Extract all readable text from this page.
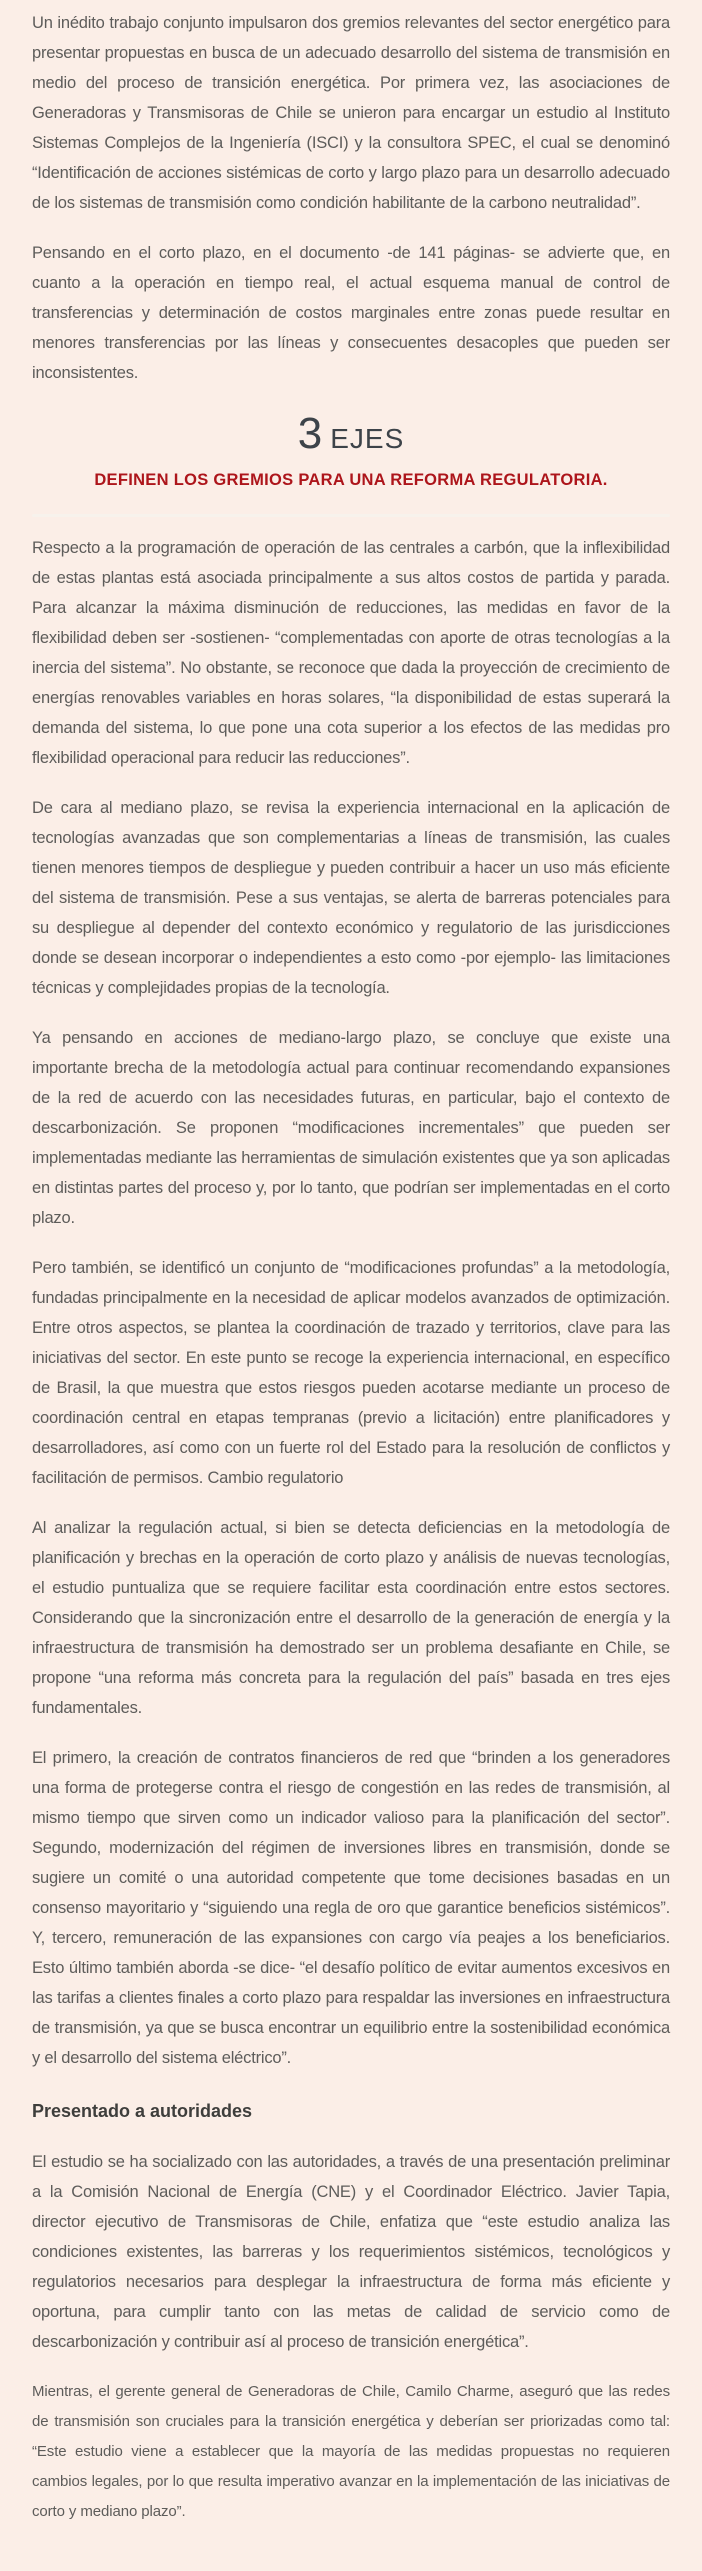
Un inédito trabajo conjunto impulsaron dos gremios relevantes del sector energético para presentar propuestas en busca de un adecuado desarrollo del sistema de transmisión en medio del proceso de transición energética. Por primera vez, las asociaciones de Generadoras y Transmisoras de Chile se unieron para encargar un estudio al Instituto Sistemas Complejos de la Ingeniería (ISCI) y la consultora SPEC, el cual se denominó “Identificación de acciones sistémicas de corto y largo plazo para un desarrollo adecuado de los sistemas de transmisión como condición habilitante de la carbono neutralidad”.

Pensando en el corto plazo, en el documento -de 141 páginas- se advierte que, en cuanto a la operación en tiempo real, el actual esquema manual de control de transferencias y determinación de costos marginales entre zonas puede resultar en menores transferencias por las líneas y consecuentes desacoples que pueden ser inconsistentes.

3 EJES
DEFINEN LOS GREMIOS PARA UNA REFORMA REGULATORIA.

Respecto a la programación de operación de las centrales a carbón, que la inflexibilidad de estas plantas está asociada principalmente a sus altos costos de partida y parada. Para alcanzar la máxima disminución de reducciones, las medidas en favor de la flexibilidad deben ser -sostienen- “complementadas con aporte de otras tecnologías a la inercia del sistema”. No obstante, se reconoce que dada la proyección de crecimiento de energías renovables variables en horas solares, “la disponibilidad de estas superará la demanda del sistema, lo que pone una cota superior a los efectos de las medidas pro flexibilidad operacional para reducir las reducciones”.

De cara al mediano plazo, se revisa la experiencia internacional en la aplicación de tecnologías avanzadas que son complementarias a líneas de transmisión, las cuales tienen menores tiempos de despliegue y pueden contribuir a hacer un uso más eficiente del sistema de transmisión. Pese a sus ventajas, se alerta de barreras potenciales para su despliegue al depender del contexto económico y regulatorio de las jurisdicciones donde se desean incorporar o independientes a esto como -por ejemplo- las limitaciones técnicas y complejidades propias de la tecnología.

Ya pensando en acciones de mediano-largo plazo, se concluye que existe una importante brecha de la metodología actual para continuar recomendando expansiones de la red de acuerdo con las necesidades futuras, en particular, bajo el contexto de descarbonización. Se proponen “modificaciones incrementales” que pueden ser implementadas mediante las herramientas de simulación existentes que ya son aplicadas en distintas partes del proceso y, por lo tanto, que podrían ser implementadas en el corto plazo.

Pero también, se identificó un conjunto de “modificaciones profundas” a la metodología, fundadas principalmente en la necesidad de aplicar modelos avanzados de optimización. Entre otros aspectos, se plantea la coordinación de trazado y territorios, clave para las iniciativas del sector. En este punto se recoge la experiencia internacional, en específico de Brasil, la que muestra que estos riesgos pueden acotarse mediante un proceso de coordinación central en etapas tempranas (previo a licitación) entre planificadores y desarrolladores, así como con un fuerte rol del Estado para la resolución de conflictos y facilitación de permisos. Cambio regulatorio

Al analizar la regulación actual, si bien se detecta deficiencias en la metodología de planificación y brechas en la operación de corto plazo y análisis de nuevas tecnologías, el estudio puntualiza que se requiere facilitar esta coordinación entre estos sectores. Considerando que la sincronización entre el desarrollo de la generación de energía y la infraestructura de transmisión ha demostrado ser un problema desafiante en Chile, se propone “una reforma más concreta para la regulación del país” basada en tres ejes fundamentales.

El primero, la creación de contratos financieros de red que “brinden a los generadores una forma de protegerse contra el riesgo de congestión en las redes de transmisión, al mismo tiempo que sirven como un indicador valioso para la planificación del sector”. Segundo, modernización del régimen de inversiones libres en transmisión, donde se sugiere un comité o una autoridad competente que tome decisiones basadas en un consenso mayoritario y “siguiendo una regla de oro que garantice beneficios sistémicos”. Y, tercero, remuneración de las expansiones con cargo vía peajes a los beneficiarios. Esto último también aborda -se dice- “el desafío político de evitar aumentos excesivos en las tarifas a clientes finales a corto plazo para respaldar las inversiones en infraestructura de transmisión, ya que se busca encontrar un equilibrio entre la sostenibilidad económica y el desarrollo del sistema eléctrico”.

Presentado a autoridades

El estudio se ha socializado con las autoridades, a través de una presentación preliminar a la Comisión Nacional de Energía (CNE) y el Coordinador Eléctrico. Javier Tapia, director ejecutivo de Transmisoras de Chile, enfatiza que “este estudio analiza las condiciones existentes, las barreras y los requerimientos sistémicos, tecnológicos y regulatorios necesarios para desplegar la infraestructura de forma más eficiente y oportuna, para cumplir tanto con las metas de calidad de servicio como de descarbonización y contribuir así al proceso de transición energética”.

Mientras, el gerente general de Generadoras de Chile, Camilo Charme, aseguró que las redes de transmisión son cruciales para la transición energética y deberían ser priorizadas como tal: “Este estudio viene a establecer que la mayoría de las medidas propuestas no requieren cambios legales, por lo que resulta imperativo avanzar en la implementación de las iniciativas de corto y mediano plazo”.
